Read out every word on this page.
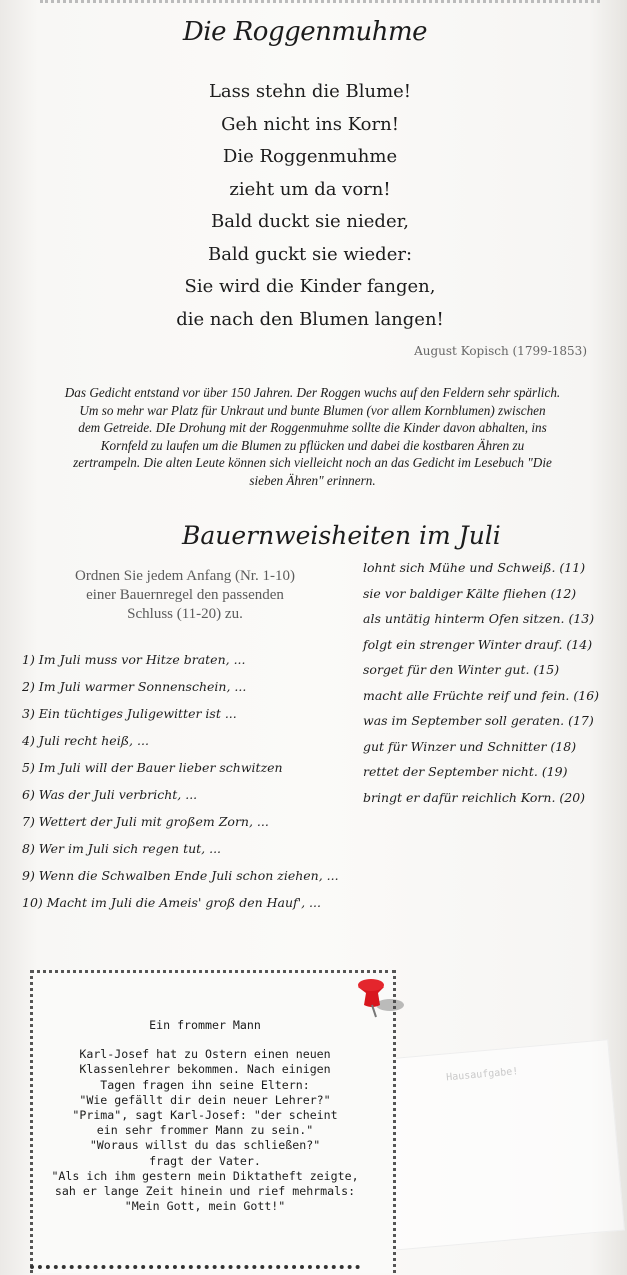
Die Roggenmuhme
Lass stehn die Blume!
Geh nicht ins Korn!
Die Roggenmuhme
zieht um da vorn!
Bald duckt sie nieder,
Bald guckt sie wieder:
Sie wird die Kinder fangen,
die nach den Blumen langen!
August Kopisch (1799-1853)
Das Gedicht entstand vor über 150 Jahren. Der Roggen wuchs auf den Feldern sehr spärlich.
Um so mehr war Platz für Unkraut und bunte Blumen (vor allem Kornblumen) zwischen
dem Getreide. DIe Drohung mit der Roggenmuhme sollte die Kinder davon abhalten, ins
Kornfeld zu laufen um die Blumen zu pflücken und dabei die kostbaren Ähren zu
zertrampeln. Die alten Leute können sich vielleicht noch an das Gedicht im Lesebuch "Die
sieben Ähren" erinnern.
Bauernweisheiten im Juli
Ordnen Sie jedem Anfang (Nr. 1-10)
einer Bauernregel den passenden
Schluss (11-20) zu.
lohnt sich Mühe und Schweiß. (11)
sie vor baldiger Kälte fliehen (12)
als untätig hinterm Ofen sitzen. (13)
folgt ein strenger Winter drauf. (14)
sorget für den Winter gut. (15)
macht alle Früchte reif und fein. (16)
was im September soll geraten. (17)
gut für Winzer und Schnitter (18)
rettet der September nicht. (19)
bringt er dafür reichlich Korn. (20)
1) Im Juli muss vor Hitze braten, ...
2) Im Juli warmer Sonnenschein, ...
3) Ein tüchtiges Juligewitter ist ...
4) Juli recht heiß, ...
5) Im Juli will der Bauer lieber schwitzen
6) Was der Juli verbricht, ...
7) Wettert der Juli mit großem Zorn, ...
8) Wer im Juli sich regen tut, ...
9) Wenn die Schwalben Ende Juli schon ziehen, ...
10) Macht im Juli die Ameis' groß den Hauf', ...
Hausaufgabe!
Ein frommer Mann
Karl-Josef hat zu Ostern einen neuen
Klassenlehrer bekommen. Nach einigen
Tagen fragen ihn seine Eltern:
"Wie gefällt dir dein neuer Lehrer?"
"Prima", sagt Karl-Josef: "der scheint
ein sehr frommer Mann zu sein."
"Woraus willst du das schließen?"
fragt der Vater.
"Als ich ihm gestern mein Diktatheft zeigte,
sah er lange Zeit hinein und rief mehrmals:
"Mein Gott, mein Gott!"
